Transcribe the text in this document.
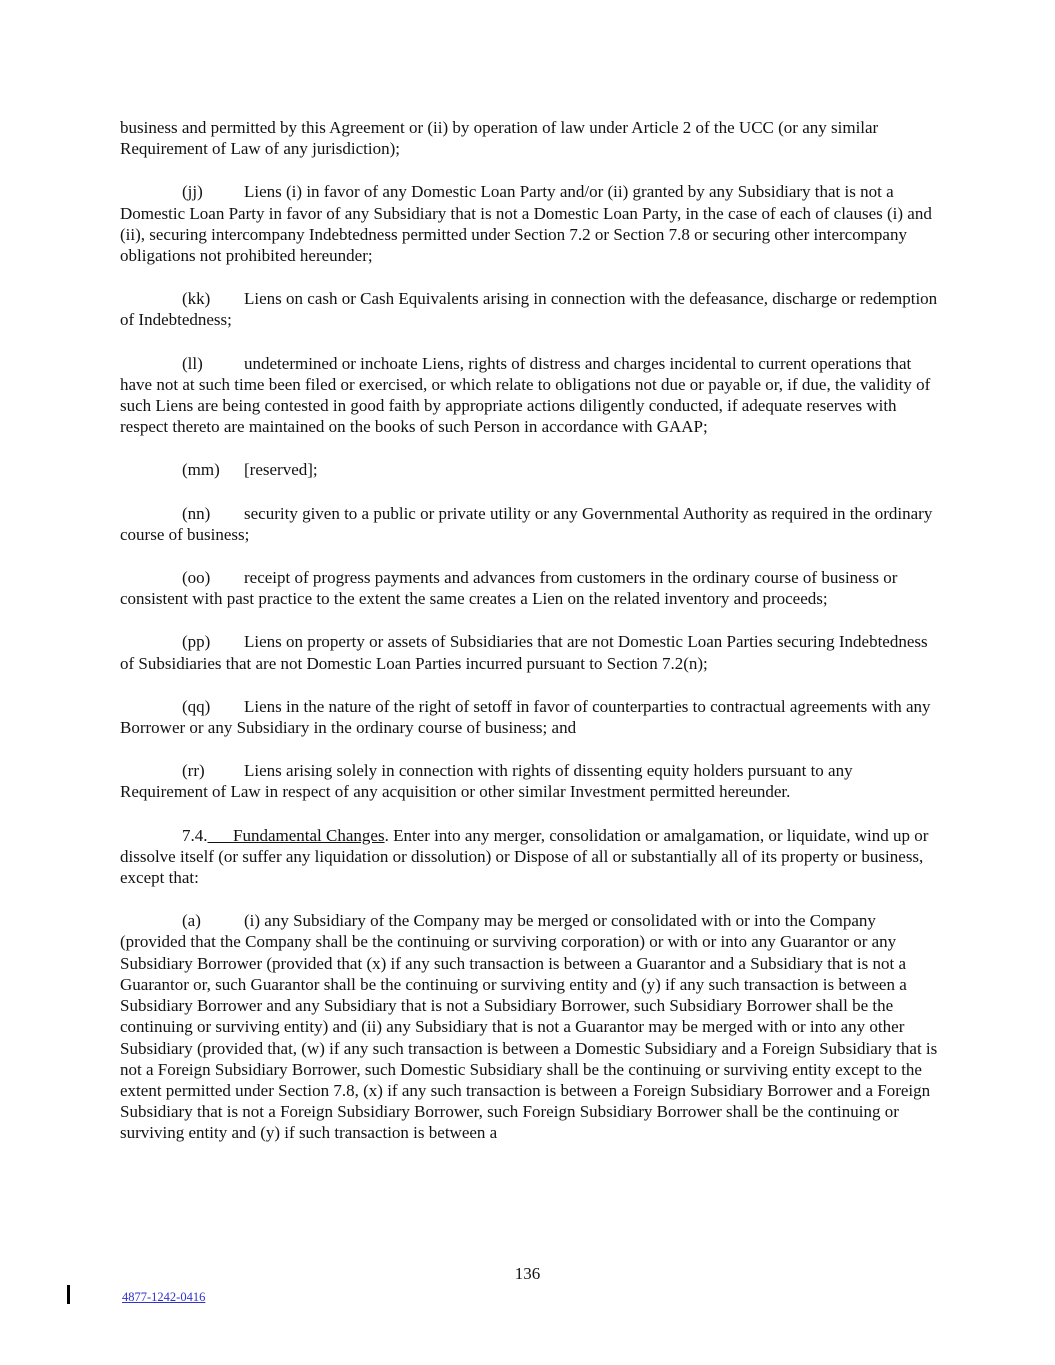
business and permitted by this Agreement or (ii) by operation of law under Article 2 of the UCC (or any similar Requirement of Law of any jurisdiction);

(jj) Liens (i) in favor of any Domestic Loan Party and/or (ii) granted by any Subsidiary that is not a Domestic Loan Party in favor of any Subsidiary that is not a Domestic Loan Party, in the case of each of clauses (i) and (ii), securing intercompany Indebtedness permitted under Section 7.2 or Section 7.8 or securing other intercompany obligations not prohibited hereunder;

(kk) Liens on cash or Cash Equivalents arising in connection with the defeasance, discharge or redemption of Indebtedness;

(ll) undetermined or inchoate Liens, rights of distress and charges incidental to current operations that have not at such time been filed or exercised, or which relate to obligations not due or payable or, if due, the validity of such Liens are being contested in good faith by appropriate actions diligently conducted, if adequate reserves with respect thereto are maintained on the books of such Person in accordance with GAAP;

(mm) [reserved];

(nn) security given to a public or private utility or any Governmental Authority as required in the ordinary course of business;

(oo) receipt of progress payments and advances from customers in the ordinary course of business or consistent with past practice to the extent the same creates a Lien on the related inventory and proceeds;

(pp) Liens on property or assets of Subsidiaries that are not Domestic Loan Parties securing Indebtedness of Subsidiaries that are not Domestic Loan Parties incurred pursuant to Section 7.2(n);

(qq) Liens in the nature of the right of setoff in favor of counterparties to contractual agreements with any Borrower or any Subsidiary in the ordinary course of business; and

(rr) Liens arising solely in connection with rights of dissenting equity holders pursuant to any Requirement of Law in respect of any acquisition or other similar Investment permitted hereunder.

7.4. Fundamental Changes. Enter into any merger, consolidation or amalgamation, or liquidate, wind up or dissolve itself (or suffer any liquidation or dissolution) or Dispose of all or substantially all of its property or business, except that:

(a)	(i) any Subsidiary of the Company may be merged or consolidated with or into the Company (provided that the Company shall be the continuing or surviving corporation) or with or into any Guarantor or any Subsidiary Borrower (provided that (x) if any such transaction is between a Guarantor and a Subsidiary that is not a Guarantor or, such Guarantor shall be the continuing or surviving entity and (y) if any such transaction is between a Subsidiary Borrower and any Subsidiary that is not a Subsidiary Borrower, such Subsidiary Borrower shall be the continuing or surviving entity) and (ii) any Subsidiary that is not a Guarantor may be merged with or into any other Subsidiary (provided that, (w) if any such transaction is between a Domestic Subsidiary and a Foreign Subsidiary that is not a Foreign Subsidiary Borrower, such Domestic Subsidiary shall be the continuing or surviving entity except to the extent permitted under Section 7.8, (x) if any such transaction is between a Foreign Subsidiary Borrower and a Foreign Subsidiary that is not a Foreign Subsidiary Borrower, such Foreign Subsidiary Borrower shall be the continuing or surviving entity and (y) if such transaction is between a

136
4877-1242-0416
